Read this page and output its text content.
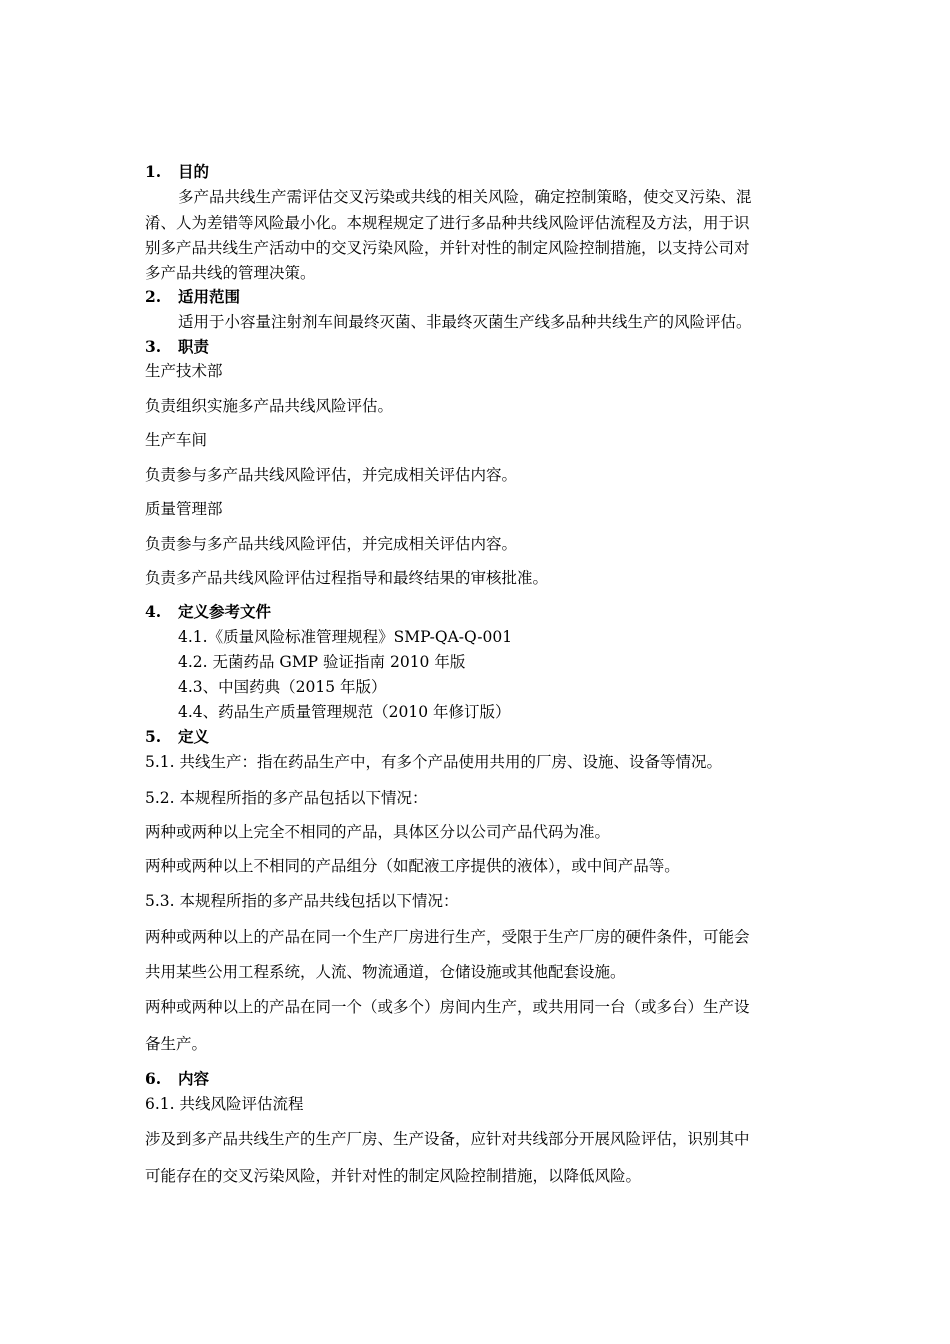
1. 目的
多产品共线生产需评估交叉污染或共线的相关风险，确定控制策略，使交叉污染、混
淆、人为差错等风险最小化。本规程规定了进行多品种共线风险评估流程及方法，用于识
别多产品共线生产活动中的交叉污染风险，并针对性的制定风险控制措施，以支持公司对
多产品共线的管理决策。
2. 适用范围
适用于小容量注射剂车间最终灭菌、非最终灭菌生产线多品种共线生产的风险评估。
3. 职责
生产技术部
负责组织实施多产品共线风险评估。
生产车间
负责参与多产品共线风险评估，并完成相关评估内容。
质量管理部
负责参与多产品共线风险评估，并完成相关评估内容。
负责多产品共线风险评估过程指导和最终结果的审核批准。
4. 定义参考文件
4.1.《质量风险标准管理规程》SMP-QA-Q-001
4.2. 无菌药品 GMP 验证指南 2010 年版
4.3、中国药典（2015 年版）
4.4、药品生产质量管理规范（2010 年修订版）
5. 定义
5.1. 共线生产：指在药品生产中，有多个产品使用共用的厂房、设施、设备等情况。
5.2. 本规程所指的多产品包括以下情况：
两种或两种以上完全不相同的产品，具体区分以公司产品代码为准。
两种或两种以上不相同的产品组分（如配液工序提供的液体），或中间产品等。
5.3. 本规程所指的多产品共线包括以下情况：
两种或两种以上的产品在同一个生产厂房进行生产，受限于生产厂房的硬件条件，可能会
共用某些公用工程系统，人流、物流通道，仓储设施或其他配套设施。
两种或两种以上的产品在同一个（或多个）房间内生产，或共用同一台（或多台）生产设
备生产。
6. 内容
6.1. 共线风险评估流程
涉及到多产品共线生产的生产厂房、生产设备，应针对共线部分开展风险评估，识别其中
可能存在的交叉污染风险，并针对性的制定风险控制措施，以降低风险。
